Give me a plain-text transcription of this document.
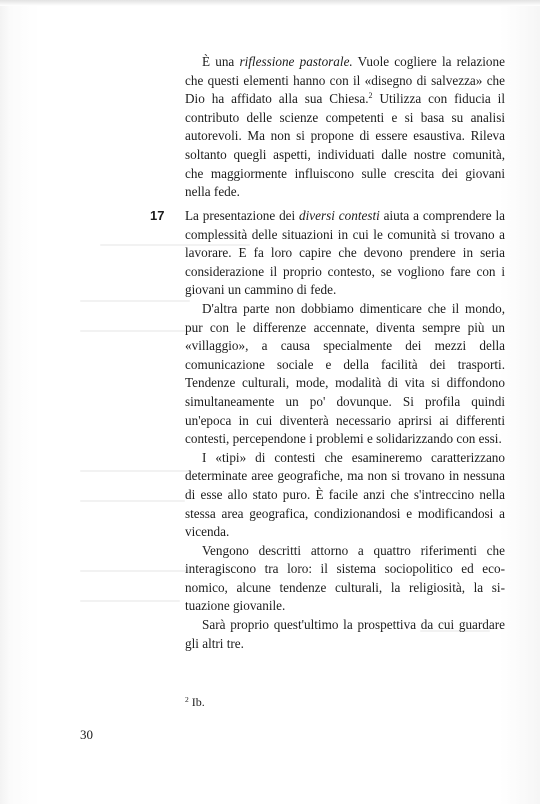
È una riflessione pastorale. Vuole cogliere la relazione che questi elementi hanno con il «disegno di salvezza» che Dio ha affidato alla sua Chiesa.$^2$ Utilizza con fiducia il contributo delle scienze competenti e si basa su analisi autorevoli. Ma non si propone di essere esaustiva. Rileva soltanto quegli aspetti, individuati dalle nostre comunità, che maggiormente influiscono sulle crescita dei giovani nella fede.

17 La presentazione dei diversi contesti aiuta a comprendere la complessità delle situazioni in cui le comunità si trovano a lavorare. E fa loro capire che devono prendere in seria considerazione il proprio contesto, se vogliono fare con i giovani un cammino di fede.

D'altra parte non dobbiamo dimenticare che il mondo, pur con le differenze accennate, diventa sempre più un «villaggio», a causa specialmente dei mezzi della comunicazione sociale e della facilità dei trasporti. Tendenze culturali, mode, modalità di vita si diffondono simultaneamente un po' dovunque. Si profila quindi un'epoca in cui diventerà necessario aprirsi ai differenti contesti, percependone i problemi e solidarizzando con essi.

I «tipi» di contesti che esamineremo caratterizzano determinate aree geografiche, ma non si trovano in nessuna di esse allo stato puro. È facile anzi che s'intreccino nella stessa area geografica, condizionandosi e modificandosi a vicenda.

Vengono descritti attorno a quattro riferimenti che interagiscono tra loro: il sistema sociopolitico ed economico, alcune tendenze culturali, la religiosità, la situazione giovanile.

Sarà proprio quest'ultimo la prospettiva da cui guardare gli altri tre.

$^2$ Ib.
30
